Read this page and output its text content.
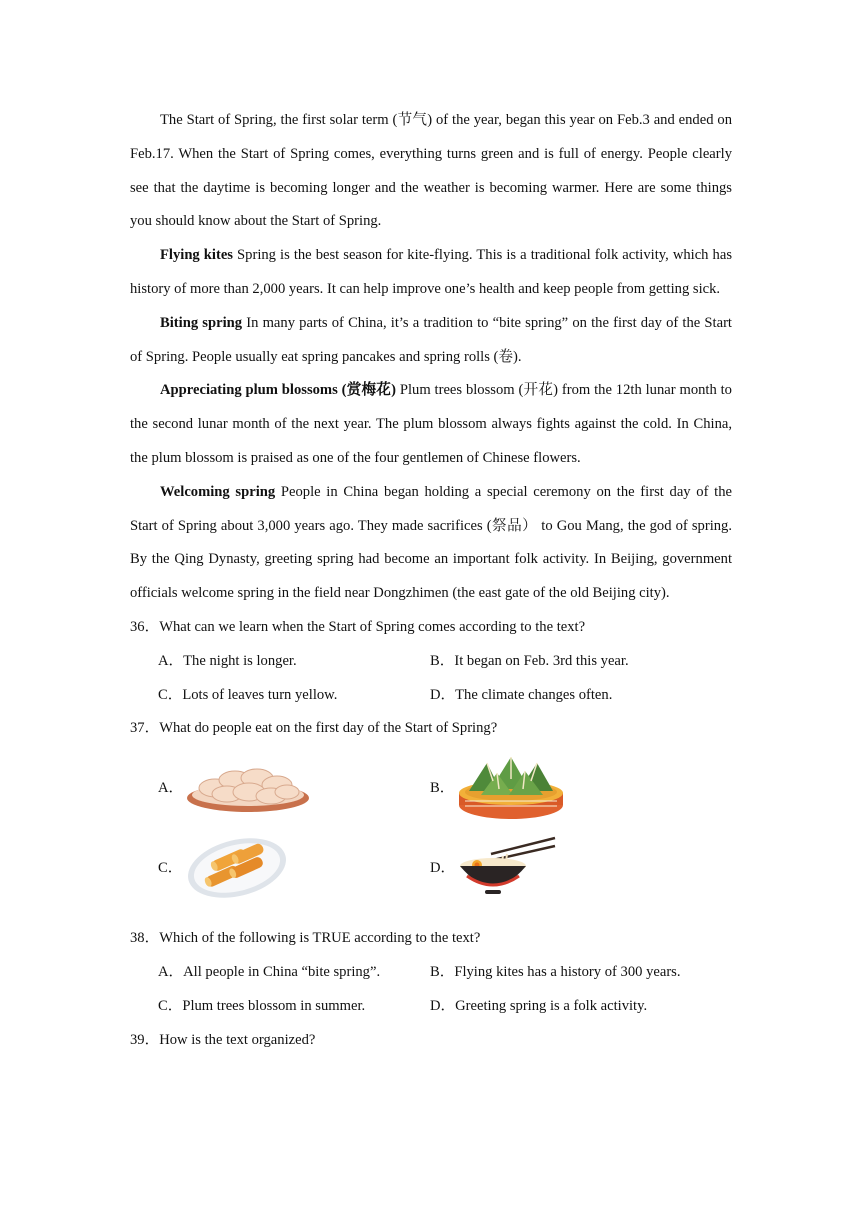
The Start of Spring, the first solar term (节气) of the year, began this year on Feb.3 and ended on Feb.17. When the Start of Spring comes, everything turns green and is full of energy. People clearly see that the daytime is becoming longer and the weather is becoming warmer. Here are some things you should know about the Start of Spring.

Flying kites Spring is the best season for kite-flying. This is a traditional folk activity, which has history of more than 2,000 years. It can help improve one’s health and keep people from getting sick.

Biting spring In many parts of China, it’s a tradition to “bite spring” on the first day of the Start of Spring. People usually eat spring pancakes and spring rolls (卷).

Appreciating plum blossoms (赏梅花) Plum trees blossom (开花) from the 12th lunar month to the second lunar month of the next year. The plum blossom always fights against the cold. In China, the plum blossom is praised as one of the four gentlemen of Chinese flowers.

Welcoming spring People in China began holding a special ceremony on the first day of the Start of Spring about 3,000 years ago. They made sacrifices (祭品） to Gou Mang, the god of spring. By the Qing Dynasty, greeting spring had become an important folk activity. In Beijing, government officials welcome spring in the field near Dongzhimen (the east gate of the old Beijing city).

36．What can we learn when the Start of Spring comes according to the text?
A．The night is longer.	B．It began on Feb. 3rd this year.
C．Lots of leaves turn yellow.	D．The climate changes often.
37．What do people eat on the first day of the Start of Spring?
A．	B．
C．	D．
38．Which of the following is TRUE according to the text?
A．All people in China “bite spring”.	B．Flying kites has a history of 300 years.
C．Plum trees blossom in summer.	D．Greeting spring is a folk activity.
39．How is the text organized?
